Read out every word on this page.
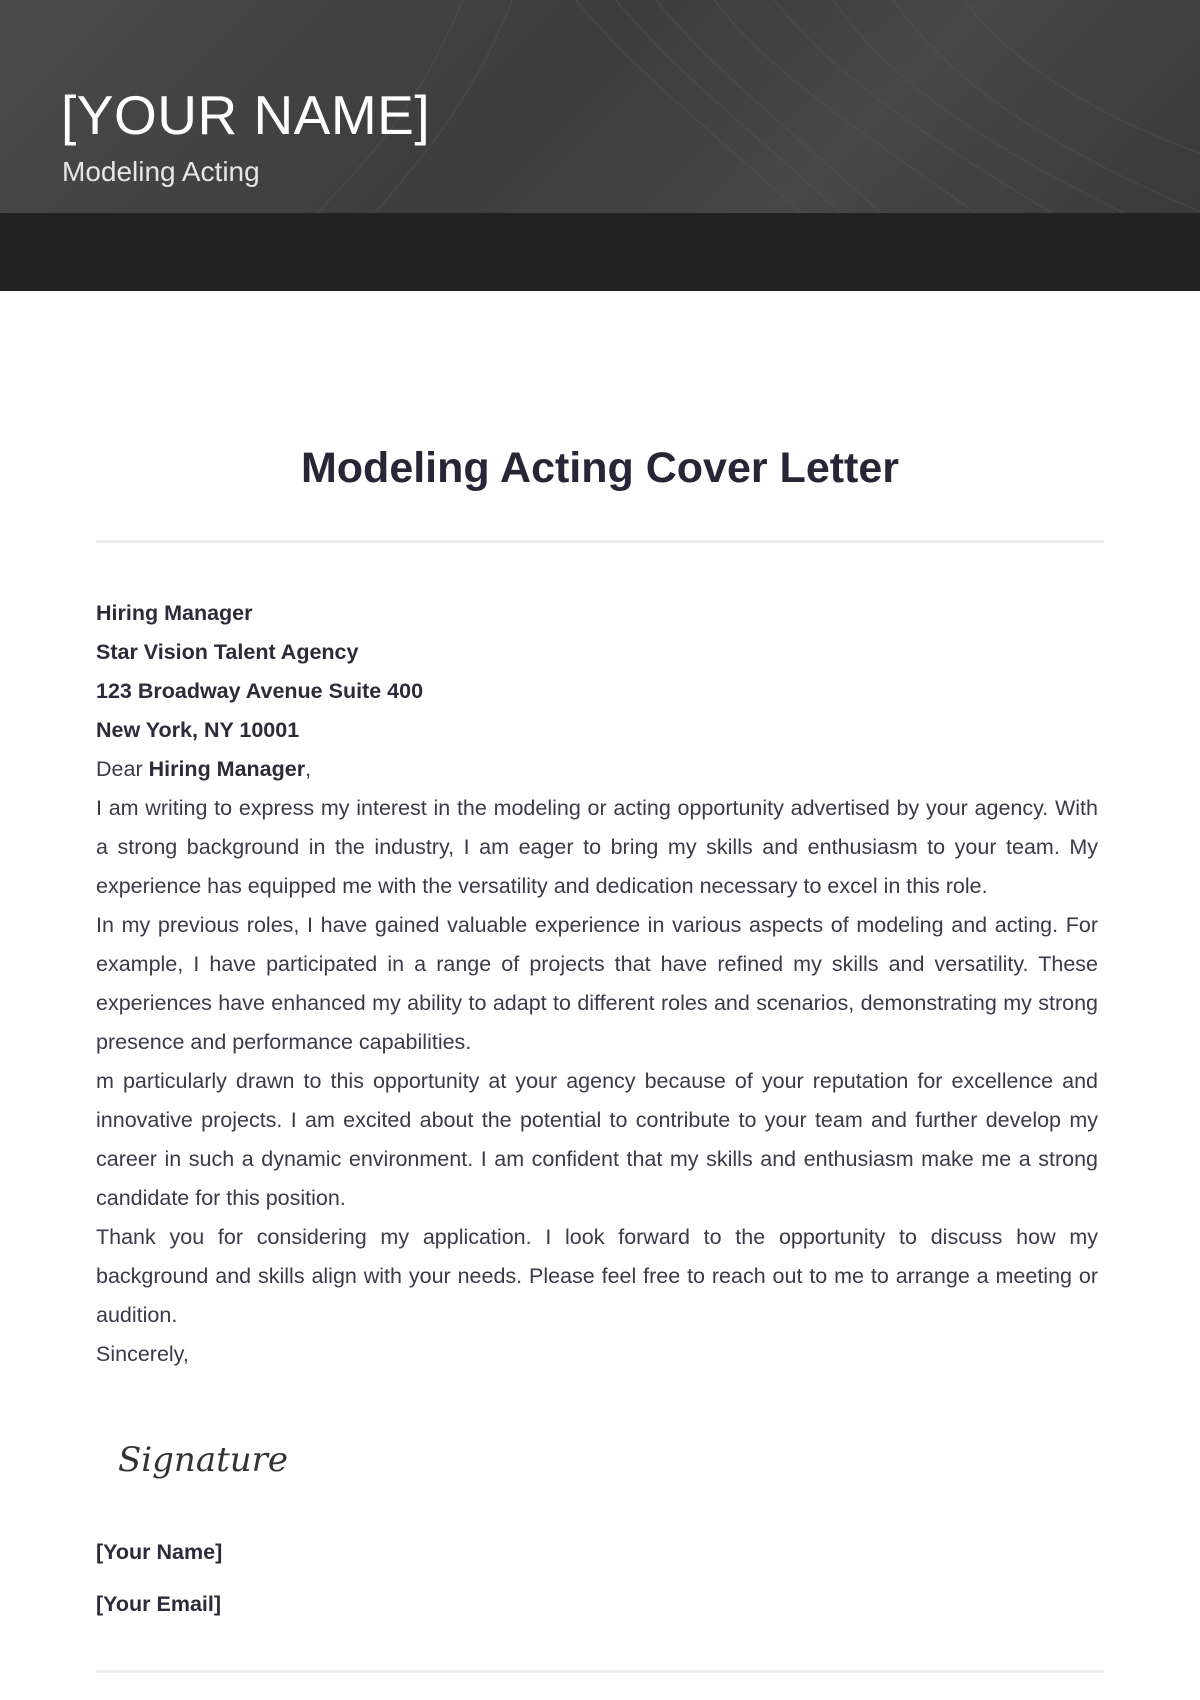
[YOUR NAME]
Modeling Acting
Modeling Acting Cover Letter

Hiring Manager

Star Vision Talent Agency

123 Broadway Avenue Suite 400

New York, NY 10001

Dear Hiring Manager,

I am writing to express my interest in the modeling or acting opportunity advertised by your agency. With a strong background in the industry, I am eager to bring my skills and enthusiasm to your team. My experience has equipped me with the versatility and dedication necessary to excel in this role.

In my previous roles, I have gained valuable experience in various aspects of modeling and acting. For example, I have participated in a range of projects that have refined my skills and versatility. These experiences have enhanced my ability to adapt to different roles and scenarios, demonstrating my strong presence and performance capabilities.

m particularly drawn to this opportunity at your agency because of your reputation for excellence and innovative projects. I am excited about the potential to contribute to your team and further develop my career in such a dynamic environment. I am confident that my skills and enthusiasm make me a strong candidate for this position.

Thank you for considering my application. I look forward to the opportunity to discuss how my background and skills align with your needs. Please feel free to reach out to me to arrange a meeting or audition.

Sincerely,

Signature
[Your Name]
[Your Email]
